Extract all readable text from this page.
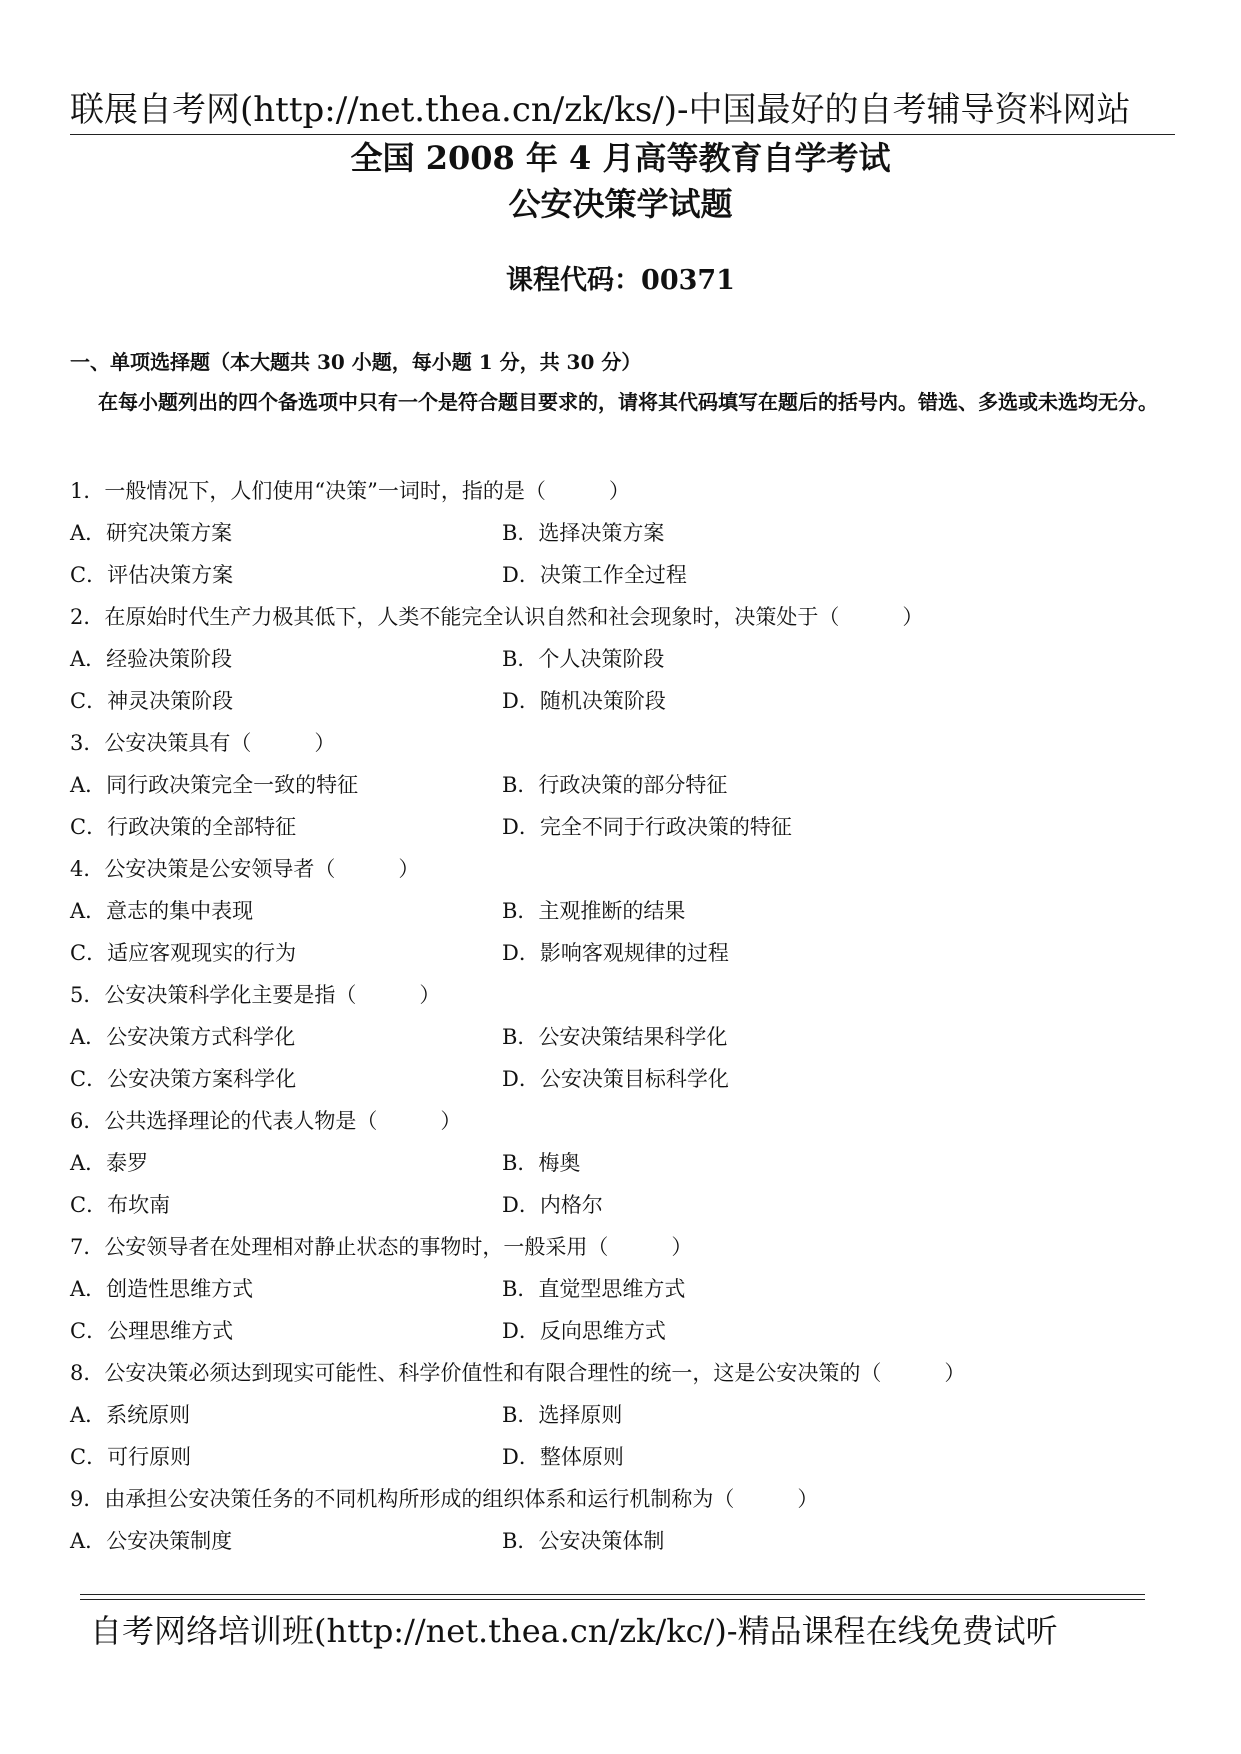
联展自考网(http://net.thea.cn/zk/ks/)-中国最好的自考辅导资料网站
全国 2008 年 4 月高等教育自学考试
公安决策学试题
课程代码：00371
一、单项选择题（本大题共 30 小题，每小题 1 分，共 30 分）
在每小题列出的四个备选项中只有一个是符合题目要求的，请将其代码填写在题后的括号内。错选、多选或未选均无分。
1．一般情况下，人们使用“决策”一词时，指的是（　　　）
A．研究决策方案	B．选择决策方案
C．评估决策方案	D．决策工作全过程
2．在原始时代生产力极其低下，人类不能完全认识自然和社会现象时，决策处于（　　　）
A．经验决策阶段	B．个人决策阶段
C．神灵决策阶段	D．随机决策阶段
3．公安决策具有（　　　）
A．同行政决策完全一致的特征	B．行政决策的部分特征
C．行政决策的全部特征	D．完全不同于行政决策的特征
4．公安决策是公安领导者（　　　）
A．意志的集中表现	B．主观推断的结果
C．适应客观现实的行为	D．影响客观规律的过程
5．公安决策科学化主要是指（　　　）
A．公安决策方式科学化	B．公安决策结果科学化
C．公安决策方案科学化	D．公安决策目标科学化
6．公共选择理论的代表人物是（　　　）
A．泰罗	B．梅奥
C．布坎南	D．内格尔
7．公安领导者在处理相对静止状态的事物时，一般采用（　　　）
A．创造性思维方式	B．直觉型思维方式
C．公理思维方式	D．反向思维方式
8．公安决策必须达到现实可能性、科学价值性和有限合理性的统一，这是公安决策的（　　　）
A．系统原则	B．选择原则
C．可行原则	D．整体原则
9．由承担公安决策任务的不同机构所形成的组织体系和运行机制称为（　　　）
A．公安决策制度	B．公安决策体制
自考网络培训班(http://net.thea.cn/zk/kc/)-精品课程在线免费试听
